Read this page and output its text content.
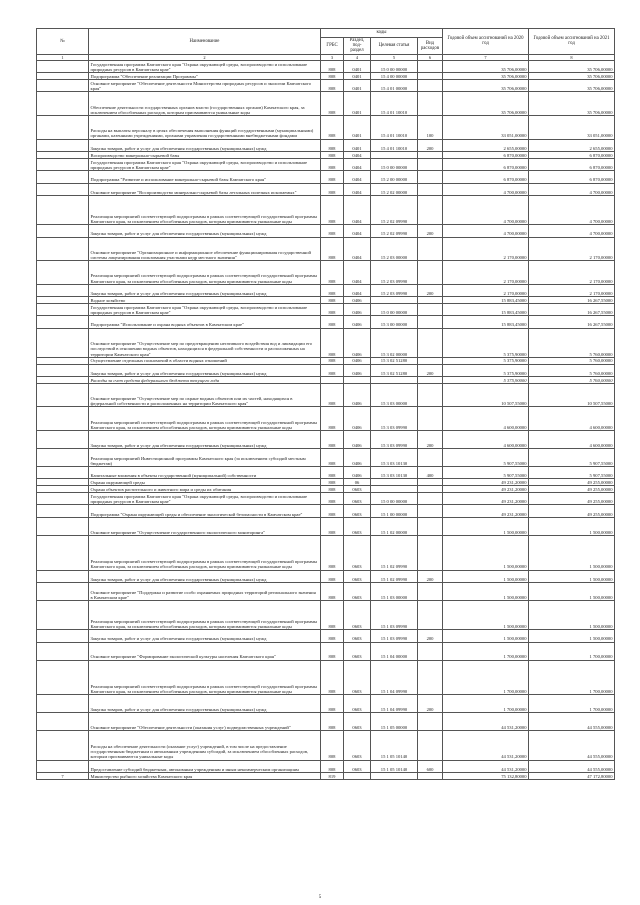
№	Наименование	коды				Годовой объем ассигнований на 2020 год	Годовой объем ассигнований на 2021 год
		ГРБС	Раздел, под- раздел	Целевая статья	Вид расходов		
1	2	3	4	5	6	7	8
	Государственная программа Камчатского края "Охрана окружающей среды, воспроизводство и использование природных ресурсов в Камчатском крае"	808	0401	15 0 00 00000		35 706,00000	35 706,00000
	Подпрограмма "Обеспечение реализации Программы"	808	0401	15 4 00 00000		35 706,00000	35 706,00000
	Основное мероприятие "Обеспечение деятельности Министерства природных ресурсов и экологии Камчатского края"	808	0401	15 4 01 00000		35 706,00000	35 706,00000
	Обеспечение деятельности государственных органов власти (государственных органов) Камчатского края, за исключением обособленных расходов, которым присваиваются уникальные коды	808	0401	15 4 01 10010		35 706,00000	35 706,00000
	Расходы на выплаты персоналу в целях обеспечения выполнения функций государственными (муниципальными) органами, казенными учреждениями, органами управления государственными внебюджетными фондами	808	0401	15 4 01 10010	100	33 051,00000	33 051,00000
	Закупка товаров, работ и услуг для обеспечения государственных (муниципальных) нужд	808	0401	15 4 01 10010	200	2 655,00000	2 655,00000
	Воспроизводство минерально-сырьевой базы	808	0404			6 870,00000	6 870,00000
	Государственная программа Камчатского края "Охрана окружающей среды, воспроизводство и использование природных ресурсов в Камчатском крае"	808	0404	15 0 00 00000		6 870,00000	6 870,00000
	Подпрограмма "Развитие и использование минерально-сырьевой базы Камчатского края"	808	0404	15 2 00 00000		6 870,00000	6 870,00000
	Основное мероприятие "Воспроизводство минерально-сырьевой базы летальных полезных ископаемых"	808	0404	15 2 02 00000		4 700,00000	4 700,00000
	Реализация мероприятий соответствующей подпрограммы в рамках соответствующей государственной программы Камчатского края, за исключением обособленных расходов, которым присваиваются уникальные коды	808	0404	15 2 02 09990		4 700,00000	4 700,00000
	Закупка товаров, работ и услуг для обеспечения государственных (муниципальных) нужд	808	0404	15 2 02 09990	200	4 700,00000	4 700,00000
	Основное мероприятие "Организационное и информационное обеспечение функционирования государственной системы лицензирования пользования участками недр местного значения"	808	0404	15 2 03 00000		2 170,00000	2 170,00000
	Реализация мероприятий соответствующей подпрограммы в рамках соответствующей государственной программы Камчатского края, за исключением обособленных расходов, которым присваиваются уникальные коды	808	0404	15 2 03 09990		2 170,00000	2 170,00000
	Закупка товаров, работ и услуг для обеспечения государственных (муниципальных) нужд	808	0404	15 2 03 09990	200	2 170,00000	2 170,00000
	Водное хозяйство	808	0406			15 883,45000	16 267,55000
	Государственная программа Камчатского края "Охрана окружающей среды, воспроизводство и использование природных ресурсов в Камчатском крае"	808	0406	15 0 00 00000		15 883,45000	16 267,55000
	Подпрограмма "Использование и охрана водных объектов в Камчатском крае"	808	0406	15 3 00 00000		15 883,45000	16 267,55000
	Основное мероприятие "Осуществление мер по предотвращению негативного воздействия вод и ликвидации его последствий в отношении водных объектов, находящихся в федеральной собственности и расположенных на территории Камчатского края"	808	0406	15 3 02 00000		5 375,90000	5 760,00000
	Осуществление отдельных полномочий в области водных отношений	808	0406	15 3 02 51280		5 375,90000	5 760,00000
	Закупка товаров, работ и услуг для обеспечения государственных (муниципальных) нужд	808	0406	15 3 02 51280	200	5 375,90000	5 760,00000
	Расходы за счет средств федерального бюджета текущего года					5 375,90000	5 760,00000
	Основное мероприятие "Осуществление мер по охране водных объектов или их частей, находящихся в федеральной собственности и расположенных на территории Камчатского края"	808	0406	15 3 03 00000		10 507,55000	10 507,55000
	Реализация мероприятий соответствующей подпрограммы в рамках соответствующей государственной программы Камчатского края, за исключением обособленных расходов, которым присваиваются уникальные коды	808	0406	15 3 03 09990		4 600,00000	4 600,00000
	Закупка товаров, работ и услуг для обеспечения государственных (муниципальных) нужд	808	0406	15 3 03 09990	200	4 600,00000	4 600,00000
	Реализация мероприятий Инвестиционной программы Камчатского края (за исключением субсидий местным бюджетам)	808	0406	15 3 03 10130		5 907,55000	5 907,55000
	Капитальные вложения в объекты государственной (муниципальной) собственности	808	0406	15 3 03 10130	400	5 907,55000	5 907,55000
	Охрана окружающей среды	808	06			49 231,20000	49 255,00000
	Охрана объектов растительного и животного мира и среды их обитания	808	0603			49 231,20000	49 255,00000
	Государственная программа Камчатского края "Охрана окружающей среды, воспроизводство и использование природных ресурсов в Камчатском крае"	808	0603	15 0 00 00000		49 231,20000	49 255,00000
	Подпрограмма "Охрана окружающей среды и обеспечение экологической безопасности в Камчатском крае"	808	0603	15 1 00 00000		49 231,20000	49 255,00000
	Основное мероприятие "Осуществление государственного экологического мониторинга"	808	0603	15 1 02 00000		1 500,00000	1 500,00000
	Реализация мероприятий соответствующей подпрограммы в рамках соответствующей государственной программы Камчатского края, за исключением обособленных расходов, которым присваиваются уникальные коды	808	0603	15 1 02 09990		1 500,00000	1 500,00000
	Закупка товаров, работ и услуг для обеспечения государственных (муниципальных) нужд	808	0603	15 1 02 09990	200	1 500,00000	1 500,00000
	Основное мероприятие "Поддержка и развитие особо охраняемых природных территорий регионального значения в Камчатском крае"	808	0603	15 1 03 00000		1 500,00000	1 500,00000
	Реализация мероприятий соответствующей подпрограммы в рамках соответствующей государственной программы Камчатского края, за исключением обособленных расходов, которым присваиваются уникальные коды	808	0603	15 1 03 09990		1 500,00000	1 500,00000
	Закупка товаров, работ и услуг для обеспечения государственных (муниципальных) нужд	808	0603	15 1 03 09990	200	1 500,00000	1 500,00000
	Основное мероприятие "Формирование экологической культуры населения Камчатского края"	808	0603	15 1 04 00000		1 700,00000	1 700,00000
	Реализация мероприятий соответствующей подпрограммы в рамках соответствующей государственной программы Камчатского края, за исключением обособленных расходов, которым присваиваются уникальные коды	808	0603	15 1 04 09990		1 700,00000	1 700,00000
	Закупка товаров, работ и услуг для обеспечения государственных (муниципальных) нужд	808	0603	15 1 04 09990	200	1 700,00000	1 700,00000
	Основное мероприятие "Обеспечение деятельности (оказания услуг) подведомственных учреждений"	808	0603	15 1 05 00000		44 531,20000	44 555,00000
	Расходы на обеспечение деятельности (оказание услуг) учреждений, в том числе на предоставление государственным бюджетным и автономным учреждениям субсидий, за исключением обособленных расходов, которым присваиваются уникальные коды	808	0603	15 1 05 10140		44 531,20000	44 555,00000
	Предоставление субсидий бюджетным, автономным учреждениям и иным некоммерческим организациям	808	0603	15 1 05 10140	600	44 531,20000	44 555,00000
7	Министерство рыбного хозяйства Камчатского края	819				75 132,80000	47 172,80000
5
